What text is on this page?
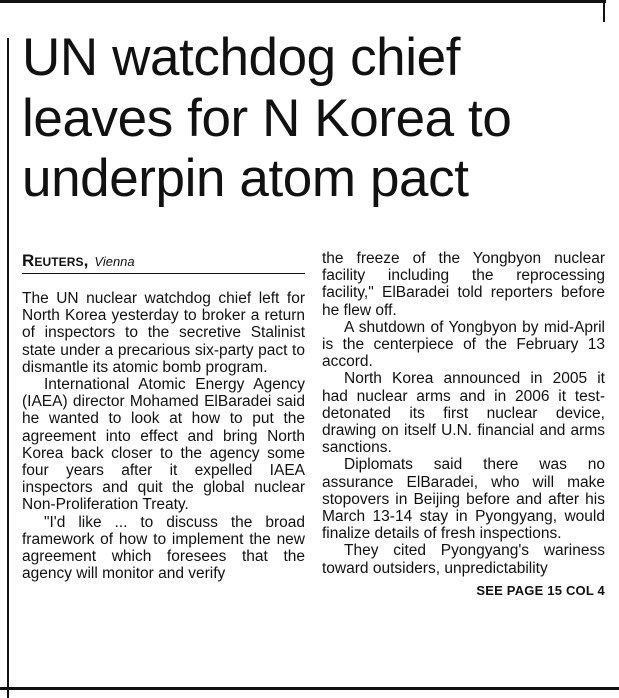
UN watchdog chief leaves for N Korea to underpin atom pact
Reuters , Vienna

The UN nuclear watchdog chief left for North Korea yesterday to broker a return of inspectors to the secretive Stalinist state under a precarious six-party pact to dismantle its atomic bomb program.

International Atomic Energy Agency (IAEA) director Mohamed ElBaradei said he wanted to look at how to put the agreement into effect and bring North Korea back closer to the agency some four years after it expelled IAEA inspectors and quit the global nuclear Non-Proliferation Treaty.

"I'd like ... to discuss the broad framework of how to implement the new agreement which foresees that the agency will monitor and verify

the freeze of the Yongbyon nuclear facility including the reprocessing facility," ElBaradei told reporters before he flew off.

A shutdown of Yongbyon by mid-April is the centerpiece of the February 13 accord.

North Korea announced in 2005 it had nuclear arms and in 2006 it test-detonated its first nuclear device, drawing on itself U.N. financial and arms sanctions.

Diplomats said there was no assurance ElBaradei, who will make stopovers in Beijing before and after his March 13-14 stay in Pyongyang, would finalize details of fresh inspections.

They cited Pyongyang's wariness toward outsiders, unpredictability

SEE PAGE 15 COL 4
